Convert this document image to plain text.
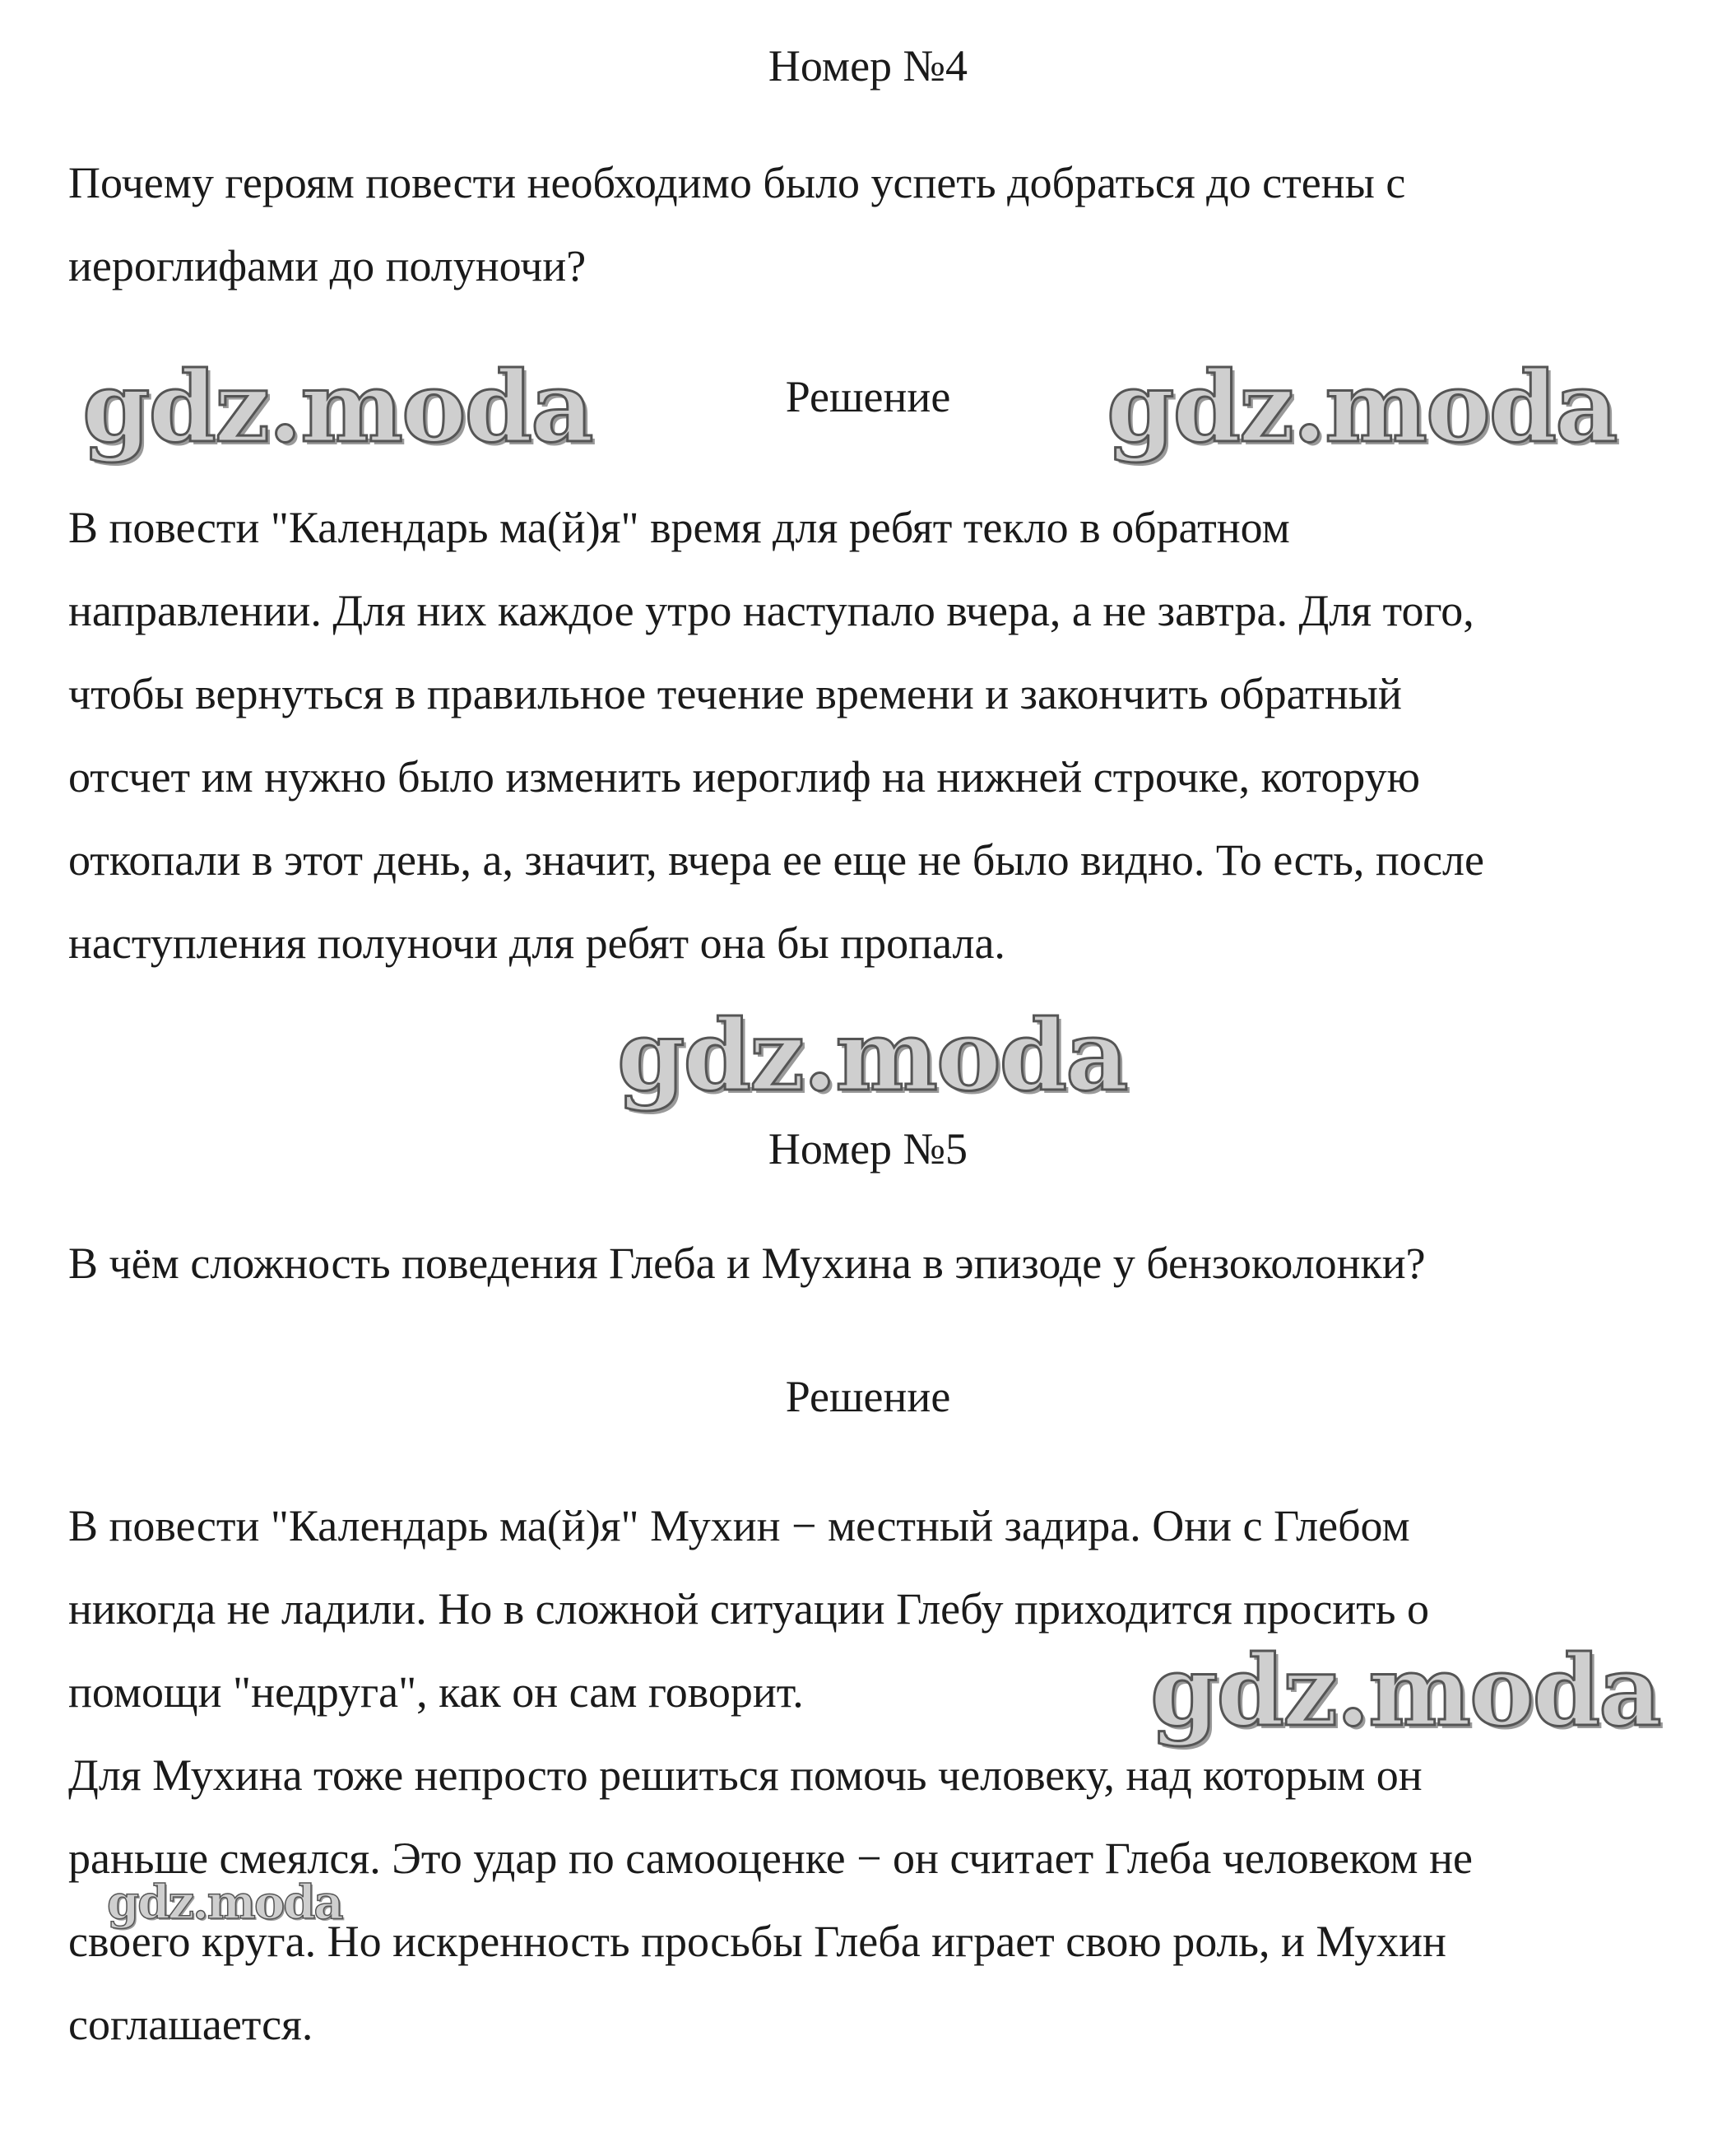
Номер №4
Почему героям повести необходимо было успеть добраться до стены с
иероглифами до полуночи?
Решение
В повести "Календарь ма(й)я" время для ребят текло в обратном
направлении. Для них каждое утро наступало вчера, а не завтра. Для того,
чтобы вернуться в правильное течение времени и закончить обратный
отсчет им нужно было изменить иероглиф на нижней строчке, которую
откопали в этот день, а, значит, вчера ее еще не было видно. То есть, после
наступления полуночи для ребят она бы пропала.
Номер №5
В чём сложность поведения Глеба и Мухина в эпизоде у бензоколонки?
Решение
В повести "Календарь ма(й)я" Мухин − местный задира. Они с Глебом
никогда не ладили. Но в сложной ситуации Глебу приходится просить о
помощи "недруга", как он сам говорит.
Для Мухина тоже непросто решиться помочь человеку, над которым он
раньше смеялся. Это удар по самооценке − он считает Глеба человеком не
своего круга. Но искренность просьбы Глеба играет свою роль, и Мухин
соглашается.
gdz.moda	gdz.moda
gdz.moda
gdz.moda
gdz.moda
